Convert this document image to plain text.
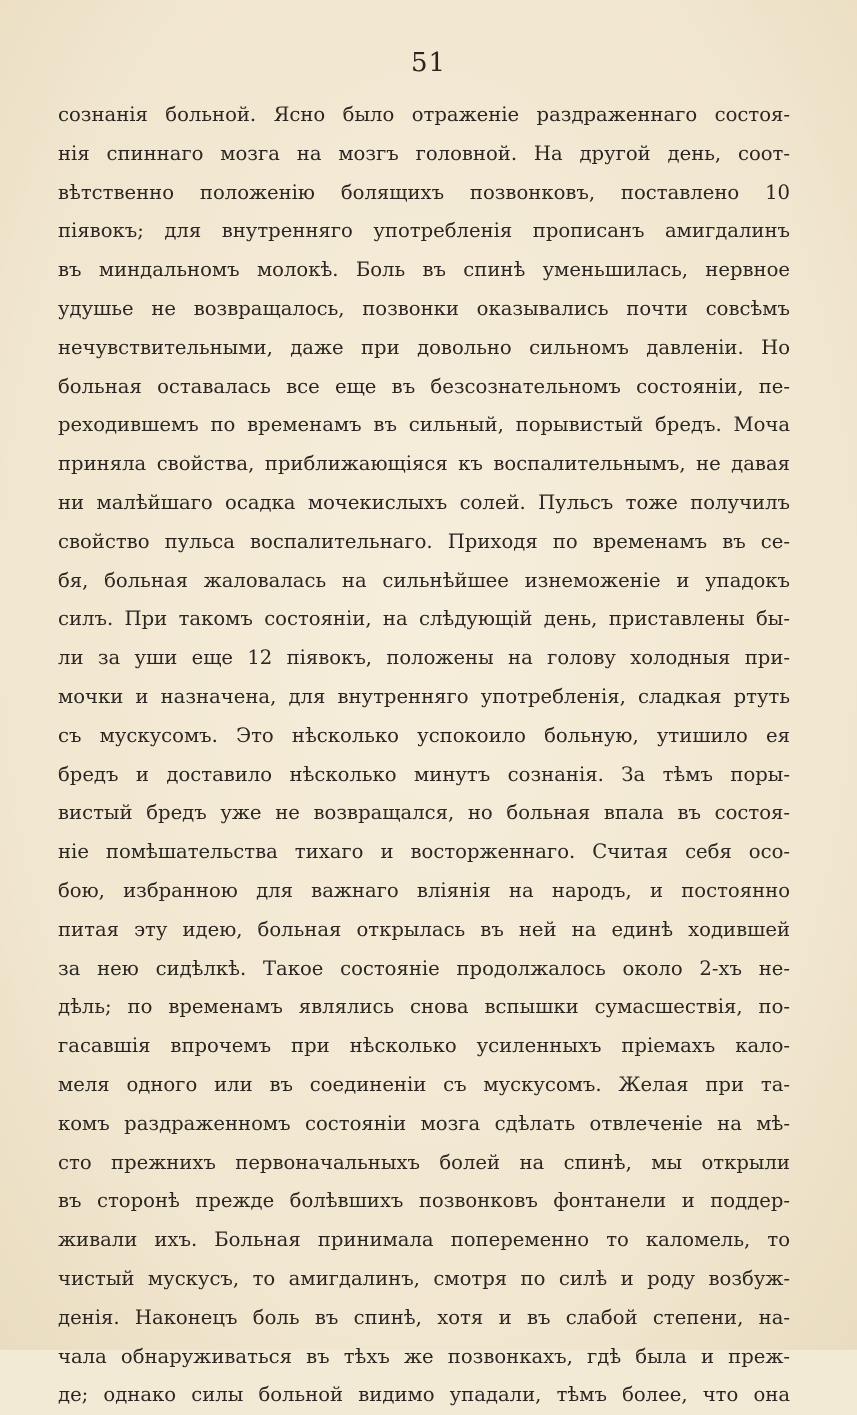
51
сознанія больной. Ясно было отраженіе раздраженнаго состоя-
нія спиннаго мозга на мозгъ головной. На другой день, соот-
вѣтственно положенію болящихъ позвонковъ, поставлено 10
піявокъ; для внутренняго употребленія прописанъ амигдалинъ
въ миндальномъ молокѣ. Боль въ спинѣ уменьшилась, нервное
удушье не возвращалось, позвонки оказывались почти совсѣмъ
нечувствительными, даже при довольно сильномъ давленіи. Но
больная оставалась все еще въ безсознательномъ состояніи, пе-
реходившемъ по временамъ въ сильный, порывистый бредъ. Моча
приняла свойства, приближающіяся къ воспалительнымъ, не давая
ни малѣйшаго осадка мочекислыхъ солей. Пульсъ тоже получилъ
свойство пульса воспалительнаго. Приходя по временамъ въ се-
бя, больная жаловалась на сильнѣйшее изнеможеніе и упадокъ
силъ. При такомъ состояніи, на слѣдующій день, приставлены бы-
ли за уши еще 12 піявокъ, положены на голову холодныя при-
мочки и назначена, для внутренняго употребленія, сладкая ртуть
съ мускусомъ. Это нѣсколько успокоило больную, утишило ея
бредъ и доставило нѣсколько минутъ сознанія. За тѣмъ поры-
вистый бредъ уже не возвращался, но больная впала въ состоя-
ніе помѣшательства тихаго и восторженнаго. Считая себя осо-
бою, избранною для важнаго вліянія на народъ, и постоянно
питая эту идею, больная открылась въ ней на единѣ ходившей
за нею сидѣлкѣ. Такое состояніе продолжалось около 2-хъ не-
дѣль; по временамъ являлись снова вспышки сумасшествія, по-
гасавшія впрочемъ при нѣсколько усиленныхъ пріемахъ кало-
меля одного или въ соединеніи съ мускусомъ. Желая при та-
комъ раздраженномъ состояніи мозга сдѣлать отвлеченіе на мѣ-
сто прежнихъ первоначальныхъ болей на спинѣ, мы открыли
въ сторонѣ прежде болѣвшихъ позвонковъ фонтанели и поддер-
живали ихъ. Больная принимала попеременно то каломель, то
чистый мускусъ, то амигдалинъ, смотря по силѣ и роду возбуж-
денія. Наконецъ боль въ спинѣ, хотя и въ слабой степени, на-
чала обнаруживаться въ тѣхъ же позвонкахъ, гдѣ была и преж-
де; однако силы больной видимо упадали, тѣмъ более, что она
